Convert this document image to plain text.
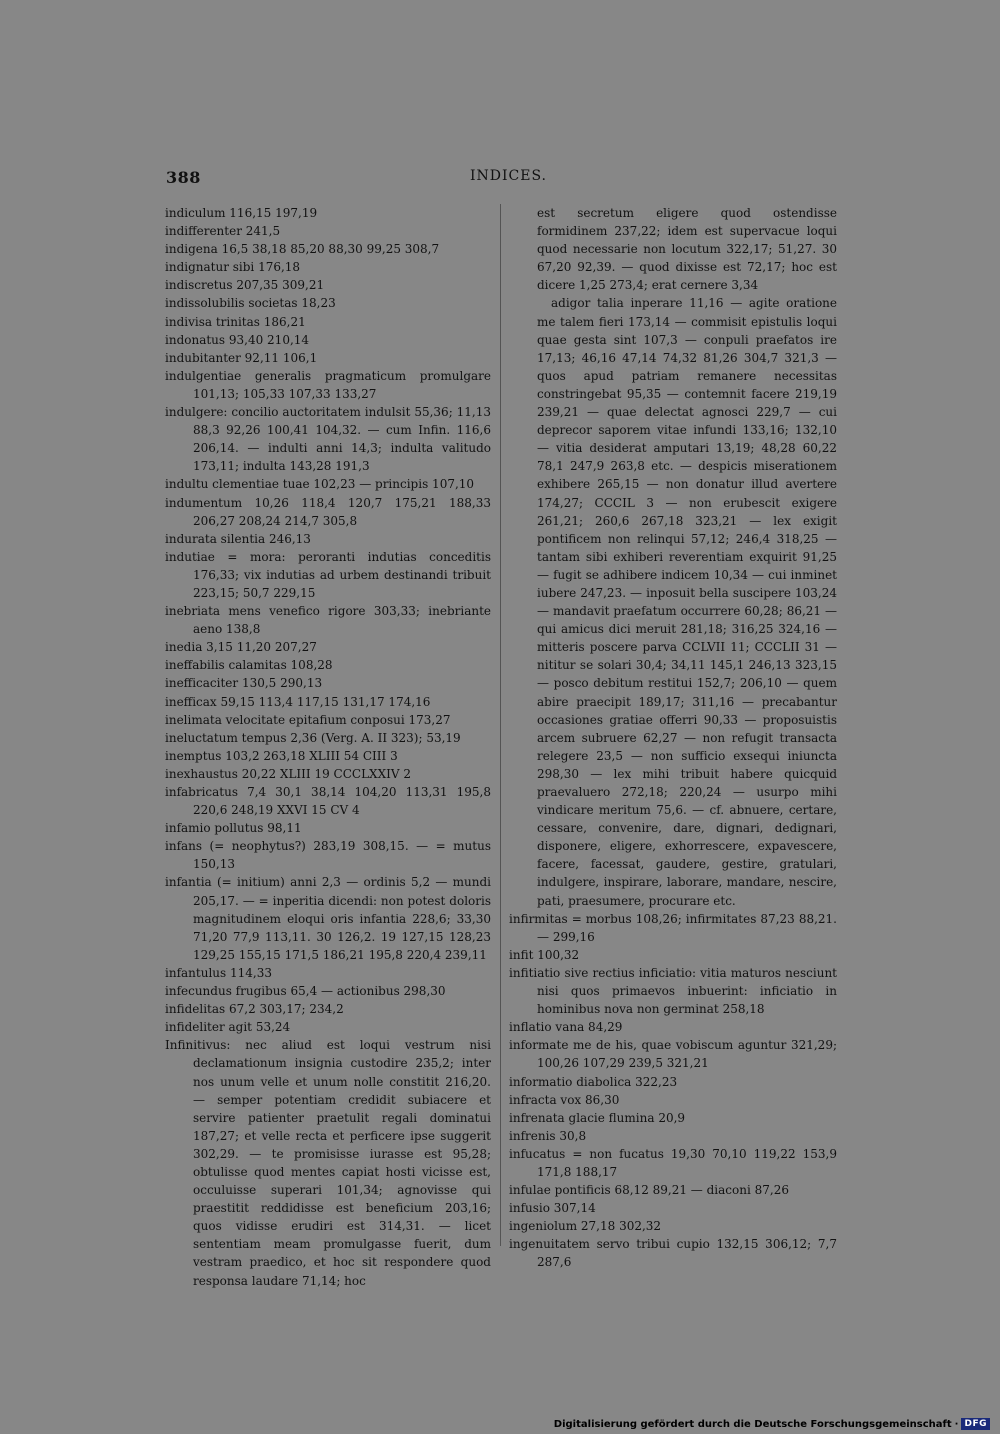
388	INDICES.

indiculum 116,15 197,19

indifferenter 241,5

indigena 16,5 38,18 85,20 88,30 99,25 308,7

indignatur sibi 176,18

indiscretus 207,35 309,21

indissolubilis societas 18,23

indivisa trinitas 186,21

indonatus 93,40 210,14

indubitanter 92,11 106,1

indulgentiae generalis pragmaticum promulgare 101,13; 105,33 107,33 133,27

indulgere: concilio auctoritatem indulsit 55,36; 11,13 88,3 92,26 100,41 104,32. — cum Infin. 116,6 206,14. — indulti anni 14,3; indulta valitudo 173,11; indulta 143,28 191,3

indultu clementiae tuae 102,23 — principis 107,10

indumentum 10,26 118,4 120,7 175,21 188,33 206,27 208,24 214,7 305,8

indurata silentia 246,13

indutiae = mora: peroranti indutias conceditis 176,33; vix indutias ad urbem destinandi tribuit 223,15; 50,7 229,15

inebriata mens venefico rigore 303,33; inebriante aeno 138,8

inedia 3,15 11,20 207,27

ineffabilis calamitas 108,28

inefficaciter 130,5 290,13

inefficax 59,15 113,4 117,15 131,17 174,16

inelimata velocitate epitafium conposui 173,27

ineluctatum tempus 2,36 (Verg. A. II 323); 53,19

inemptus 103,2 263,18 XLIII 54 CIII 3

inexhaustus 20,22 XLIII 19 CCCLXXIV 2

infabricatus 7,4 30,1 38,14 104,20 113,31 195,8 220,6 248,19 XXVI 15 CV 4

infamio pollutus 98,11

infans (= neophytus?) 283,19 308,15. — = mutus 150,13

infantia (= initium) anni 2,3 — ordinis 5,2 — mundi 205,17. — = inperitia dicendi: non potest doloris magnitudinem eloqui oris infantia 228,6; 33,30 71,20 77,9 113,11. 30 126,2. 19 127,15 128,23 129,25 155,15 171,5 186,21 195,8 220,4 239,11

infantulus 114,33

infecundus frugibus 65,4 — actionibus 298,30

infidelitas 67,2 303,17; 234,2

infideliter agit 53,24

Infinitivus: nec aliud est loqui vestrum nisi declamationum insignia custodire 235,2; inter nos unum velle et unum nolle constitit 216,20. — semper potentiam credidit subiacere et servire patienter praetulit regali dominatui 187,27; et velle recta et perficere ipse suggerit 302,29. — te promisisse iurasse est 95,28; obtulisse quod mentes capiat hosti vicisse est, occuluisse superari 101,34; agnovisse qui praestitit reddidisse est beneficium 203,16; quos vidisse erudiri est 314,31. — licet sententiam meam promulgasse fuerit, dum vestram praedico, et hoc sit respondere quod responsa laudare 71,14; hoc

est secretum eligere quod ostendisse formidinem 237,22; idem est supervacue loqui quod necessarie non locutum 322,17; 51,27. 30 67,20 92,39. — quod dixisse est 72,17; hoc est dicere 1,25 273,4; erat cernere 3,34

adigor talia inperare 11,16 — agite oratione me talem fieri 173,14 — commisit epistulis loqui quae gesta sint 107,3 — conpuli praefatos ire 17,13; 46,16 47,14 74,32 81,26 304,7 321,3 — quos apud patriam remanere necessitas constringebat 95,35 — contemnit facere 219,19 239,21 — quae delectat agnosci 229,7 — cui deprecor saporem vitae infundi 133,16; 132,10 — vitia desiderat amputari 13,19; 48,28 60,22 78,1 247,9 263,8 etc. — despicis miserationem exhibere 265,15 — non donatur illud avertere 174,27; CCCIL 3 — non erubescit exigere 261,21; 260,6 267,18 323,21 — lex exigit pontificem non relinqui 57,12; 246,4 318,25 — tantam sibi exhiberi reverentiam exquirit 91,25 — fugit se adhibere indicem 10,34 — cui inminet iubere 247,23. — inposuit bella suscipere 103,24 — mandavit praefatum occurrere 60,28; 86,21 — qui amicus dici meruit 281,18; 316,25 324,16 — mitteris poscere parva CCLVII 11; CCCLII 31 — nititur se solari 30,4; 34,11 145,1 246,13 323,15 — posco debitum restitui 152,7; 206,10 — quem abire praecipit 189,17; 311,16 — precabantur occasiones gratiae offerri 90,33 — proposuistis arcem subruere 62,27 — non refugit transacta relegere 23,5 — non sufficio exsequi iniuncta 298,30 — lex mihi tribuit habere quicquid praevaluero 272,18; 220,24 — usurpo mihi vindicare meritum 75,6. — cf. abnuere, certare, cessare, convenire, dare, dignari, dedignari, disponere, eligere, exhorrescere, expavescere, facere, facessat, gaudere, gestire, gratulari, indulgere, inspirare, laborare, mandare, nescire, pati, praesumere, procurare etc.

infirmitas = morbus 108,26; infirmitates 87,23 88,21. — 299,16

infit 100,32

infitiatio sive rectius inficiatio: vitia maturos nesciunt nisi quos primaevos inbuerint: inficiatio in hominibus nova non germinat 258,18

inflatio vana 84,29

informate me de his, quae vobiscum aguntur 321,29; 100,26 107,29 239,5 321,21

informatio diabolica 322,23

infracta vox 86,30

infrenata glacie flumina 20,9

infrenis 30,8

infucatus = non fucatus 19,30 70,10 119,22 153,9 171,8 188,17

infulae pontificis 68,12 89,21 — diaconi 87,26

infusio 307,14

ingeniolum 27,18 302,32

ingenuitatem servo tribui cupio 132,15 306,12; 7,7 287,6

Digitalisierung gefördert durch die Deutsche Forschungsgemeinschaft · DFG
